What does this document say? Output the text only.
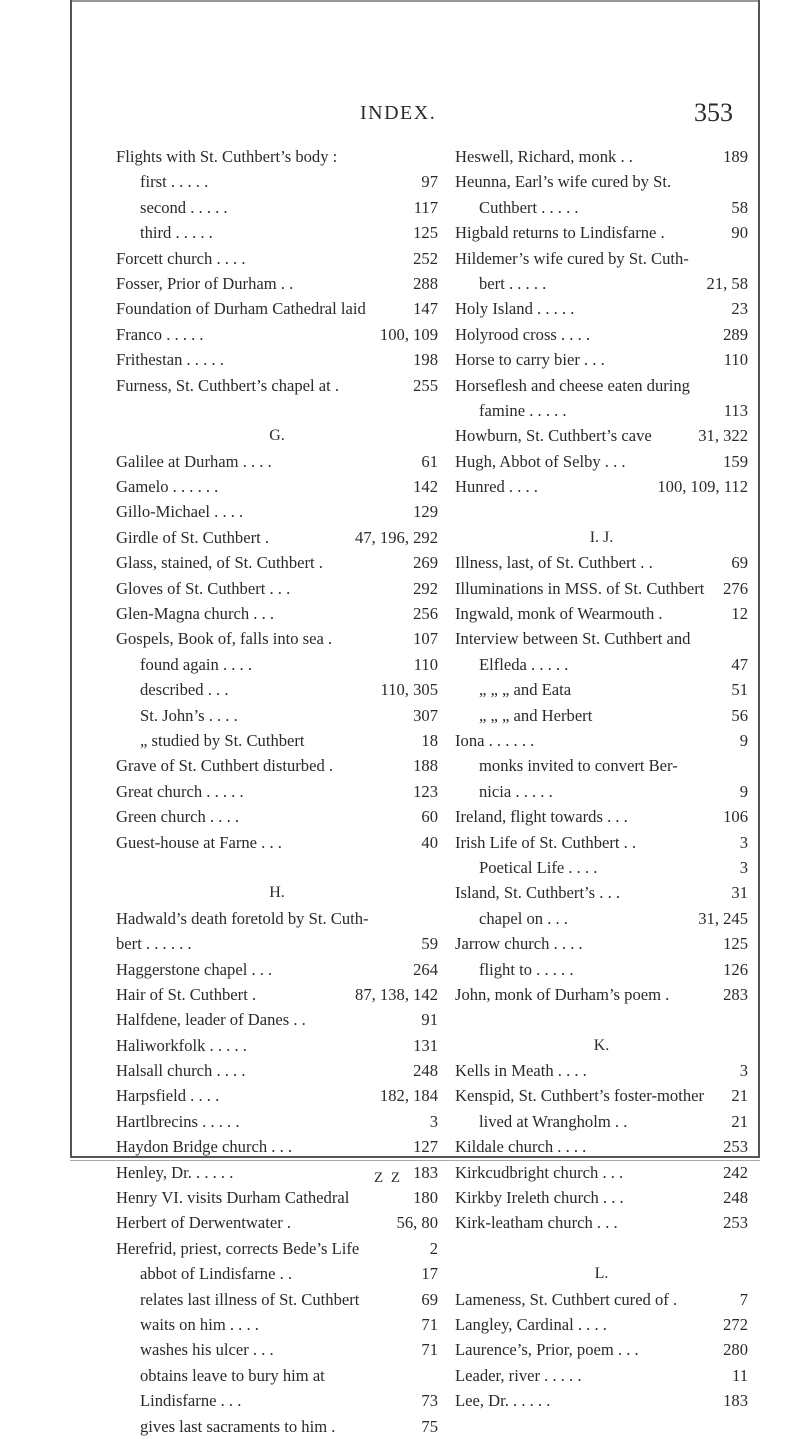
INDEX.	353
Flights with St. Cuthbert’s body :
first . . . . .	97
second . . . . .	117
third . . . . .	125
Forcett church . . . .	252
Fosser, Prior of Durham . .	288
Foundation of Durham Cathedral laid	147
Franco . . . . .	100, 109
Frithestan . . . . .	198
Furness, St. Cuthbert’s chapel at .	255
G.
Galilee at Durham . . . .	61
Gamelo . . . . . .	142
Gillo-Michael . . . .	129
Girdle of St. Cuthbert .	47, 196, 292
Glass, stained, of St. Cuthbert .	269
Gloves of St. Cuthbert . . .	292
Glen-Magna church . . .	256
Gospels, Book of, falls into sea .	107
found again . . . .	110
described . . .	110, 305
St. John’s . . . .	307
„ studied by St. Cuthbert	18
Grave of St. Cuthbert disturbed .	188
Great church . . . . .	123
Green church . . . .	60
Guest-house at Farne . . .	40
H.
Hadwald’s death foretold by St. Cuth-
bert . . . . . .	59
Haggerstone chapel . . .	264
Hair of St. Cuthbert .	87, 138, 142
Halfdene, leader of Danes . .	91
Haliworkfolk . . . . .	131
Halsall church . . . .	248
Harpsfield . . . .	182, 184
Hartlbrecins . . . . .	3
Haydon Bridge church . . .	127
Henley, Dr. . . . . .	183
Henry VI. visits Durham Cathedral	180
Herbert of Derwentwater .	56, 80
Herefrid, priest, corrects Bede’s Life	2
abbot of Lindisfarne . .	17
relates last illness of St. Cuthbert	69
waits on him . . . .	71
washes his ulcer . . .	71
obtains leave to bury him at
Lindisfarne . . .	73
gives last sacraments to him .	75
Heswell, Richard, monk . .	189
Heunna, Earl’s wife cured by St.
Cuthbert . . . . .	58
Higbald returns to Lindisfarne .	90
Hildemer’s wife cured by St. Cuth-
bert . . . . .	21, 58
Holy Island . . . . .	23
Holyrood cross . . . .	289
Horse to carry bier . . .	110
Horseflesh and cheese eaten during
famine . . . . .	113
Howburn, St. Cuthbert’s cave	31, 322
Hugh, Abbot of Selby . . .	159
Hunred . . . .	100, 109, 112
I. J.
Illness, last, of St. Cuthbert . .	69
Illuminations in MSS. of St. Cuthbert 276
Ingwald, monk of Wearmouth .	12
Interview between St. Cuthbert and
Elfleda . . . . .	47
„ „ „ and Eata	51
„ „ „ and Herbert	56
Iona . . . . . .	9
monks invited to convert Ber-
nicia . . . . .	9
Ireland, flight towards . . .	106
Irish Life of St. Cuthbert . .	3
Poetical Life . . . .	3
Island, St. Cuthbert’s . . .	31
chapel on . . .	31, 245
Jarrow church . . . .	125
flight to . . . . .	126
John, monk of Durham’s poem .	283
K.
Kells in Meath . . . .	3
Kenspid, St. Cuthbert’s foster-mother 21
lived at Wrangholm . .	21
Kildale church . . . .	253
Kirkcudbright church . . .	242
Kirkby Ireleth church . . .	248
Kirk-leatham church . . .	253
L.
Lameness, St. Cuthbert cured of .	7
Langley, Cardinal . . . .	272
Laurence’s, Prior, poem . . .	280
Leader, river . . . . .	11
Lee, Dr. . . . . .	183
Z Z
